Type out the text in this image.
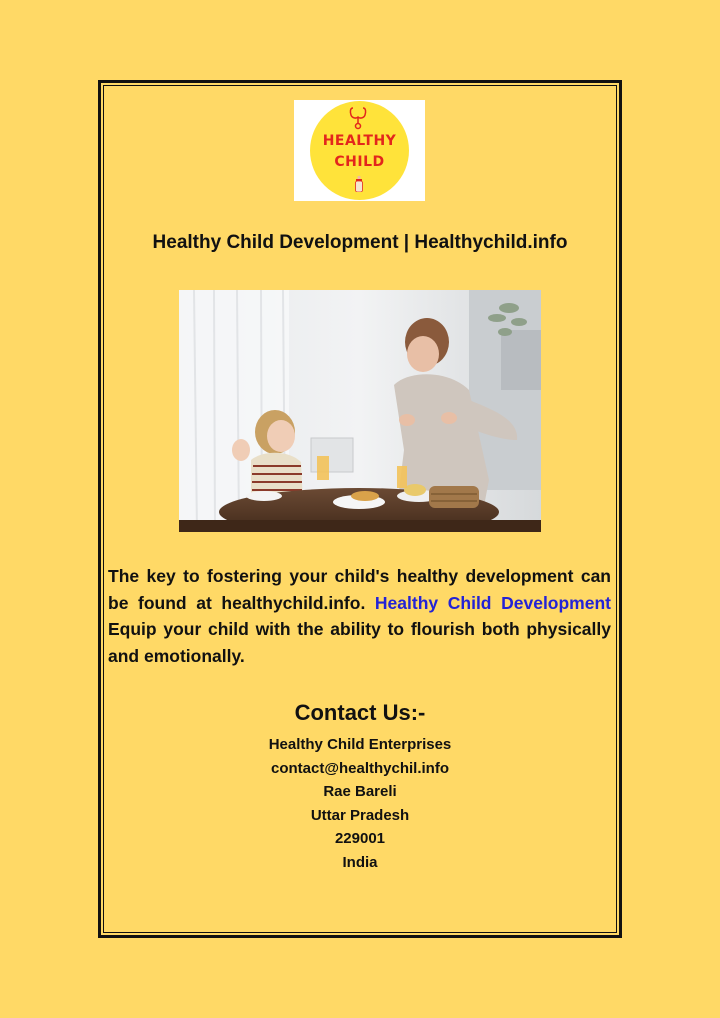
HEALTHY
CHILD
Healthy Child Development | Healthychild.info
The key to fostering your child's healthy development can be found at healthychild.info. Healthy Child Development Equip your child with the ability to flourish both physically and emotionally.
Contact Us:-
Healthy Child Enterprises
contact@healthychil.info
Rae Bareli
Uttar Pradesh
229001
India
